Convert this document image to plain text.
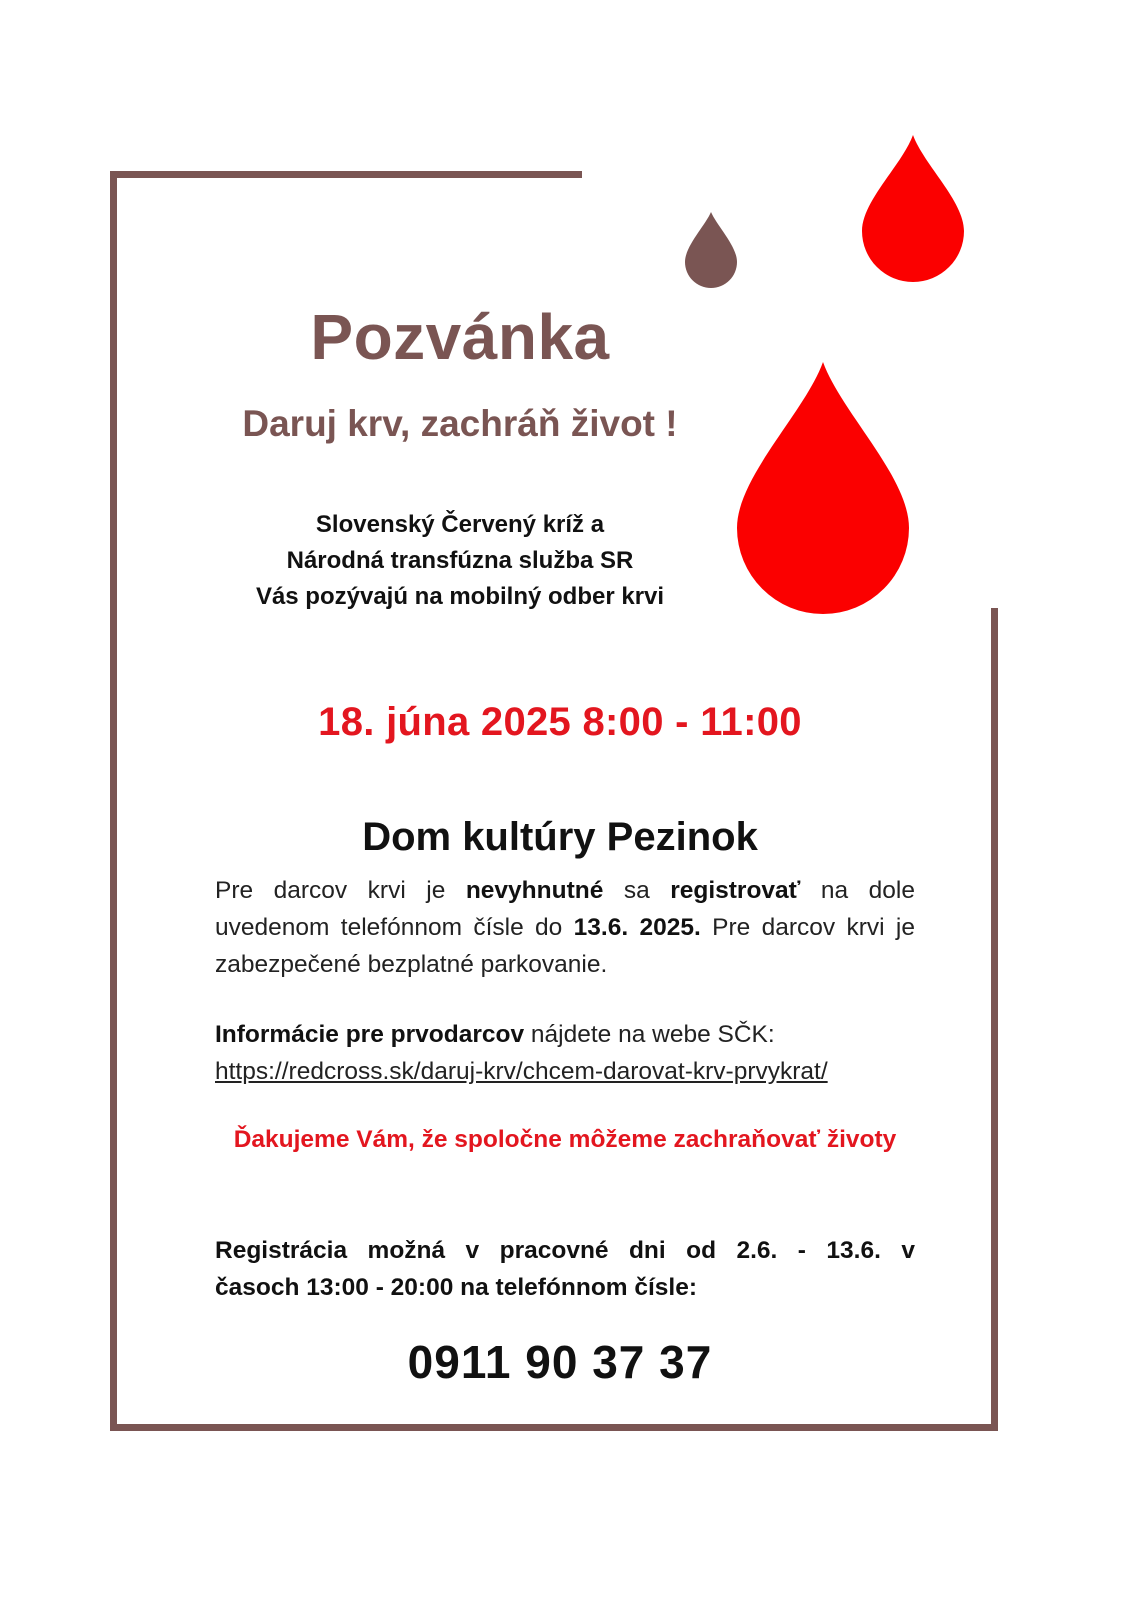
Pozvánka
Daruj krv, zachráň život !
Slovenský Červený kríž a
Národná transfúzna služba SR
Vás pozývajú na mobilný odber krvi
18. júna 2025 8:00 - 11:00
Dom kultúry Pezinok
Pre darcov krvi je nevyhnutné sa registrovať na dole uvedenom telefónnom čísle do 13.6. 2025. Pre darcov krvi je zabezpečené bezplatné parkovanie.
Informácie pre prvodarcov nájdete na webe SČK:
https://redcross.sk/daruj-krv/chcem-darovat-krv-prvykrat/
Ďakujeme Vám, že spoločne môžeme zachraňovať životy
Registrácia možná v pracovné dni od 2.6. - 13.6. v
časoch 13:00 - 20:00 na telefónnom čísle:
0911 90 37 37
